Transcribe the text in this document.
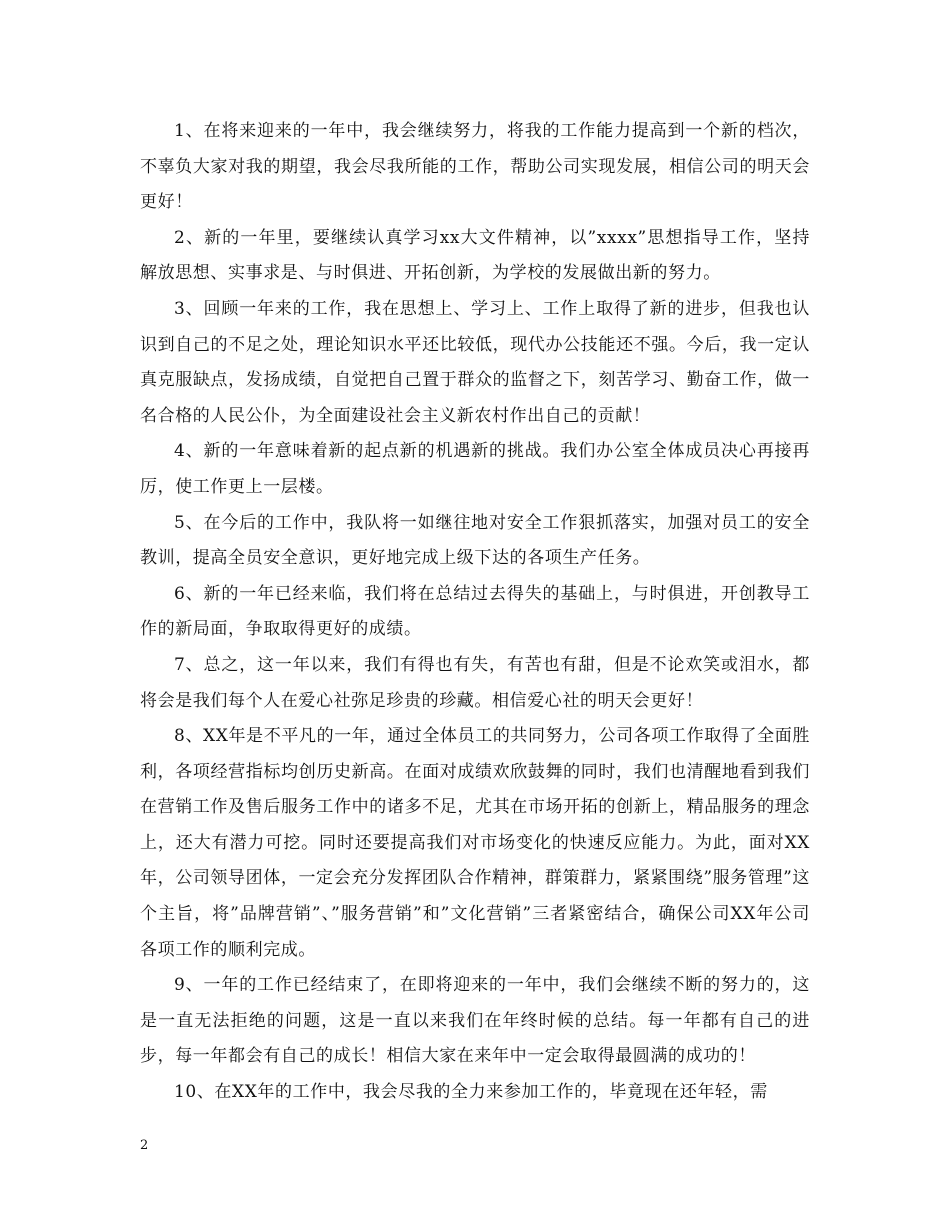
1、在将来迎来的一年中，我会继续努力，将我的工作能力提高到一个新的档次，不辜负大家对我的期望，我会尽我所能的工作，帮助公司实现发展，相信公司的明天会更好！

2、新的一年里，要继续认真学习xx大文件精神，以”xxxx”思想指导工作，坚持解放思想、实事求是、与时俱进、开拓创新，为学校的发展做出新的努力。

3、回顾一年来的工作，我在思想上、学习上、工作上取得了新的进步，但我也认识到自己的不足之处，理论知识水平还比较低，现代办公技能还不强。今后，我一定认真克服缺点，发扬成绩，自觉把自己置于群众的监督之下，刻苦学习、勤奋工作，做一名合格的人民公仆，为全面建设社会主义新农村作出自己的贡献！

4、新的一年意味着新的起点新的机遇新的挑战。我们办公室全体成员决心再接再厉，使工作更上一层楼。

5、在今后的工作中，我队将一如继往地对安全工作狠抓落实，加强对员工的安全教训，提高全员安全意识，更好地完成上级下达的各项生产任务。

6、新的一年已经来临，我们将在总结过去得失的基础上，与时俱进，开创教导工作的新局面，争取取得更好的成绩。

7、总之，这一年以来，我们有得也有失，有苦也有甜，但是不论欢笑或泪水，都将会是我们每个人在爱心社弥足珍贵的珍藏。相信爱心社的明天会更好！

8、XX年是不平凡的一年，通过全体员工的共同努力，公司各项工作取得了全面胜利，各项经营指标均创历史新高。在面对成绩欢欣鼓舞的同时，我们也清醒地看到我们在营销工作及售后服务工作中的诸多不足，尤其在市场开拓的创新上，精品服务的理念上，还大有潜力可挖。同时还要提高我们对市场变化的快速反应能力。为此，面对XX年，公司领导团体，一定会充分发挥团队合作精神，群策群力，紧紧围绕”服务管理”这个主旨，将”品牌营销”、”服务营销”和”文化营销”三者紧密结合，确保公司XX年公司各项工作的顺利完成。

9、一年的工作已经结束了，在即将迎来的一年中，我们会继续不断的努力的，这是一直无法拒绝的问题，这是一直以来我们在年终时候的总结。每一年都有自己的进步，每一年都会有自己的成长！相信大家在来年中一定会取得最圆满的成功的！

10、在XX年的工作中，我会尽我的全力来参加工作的，毕竟现在还年轻，需

2
